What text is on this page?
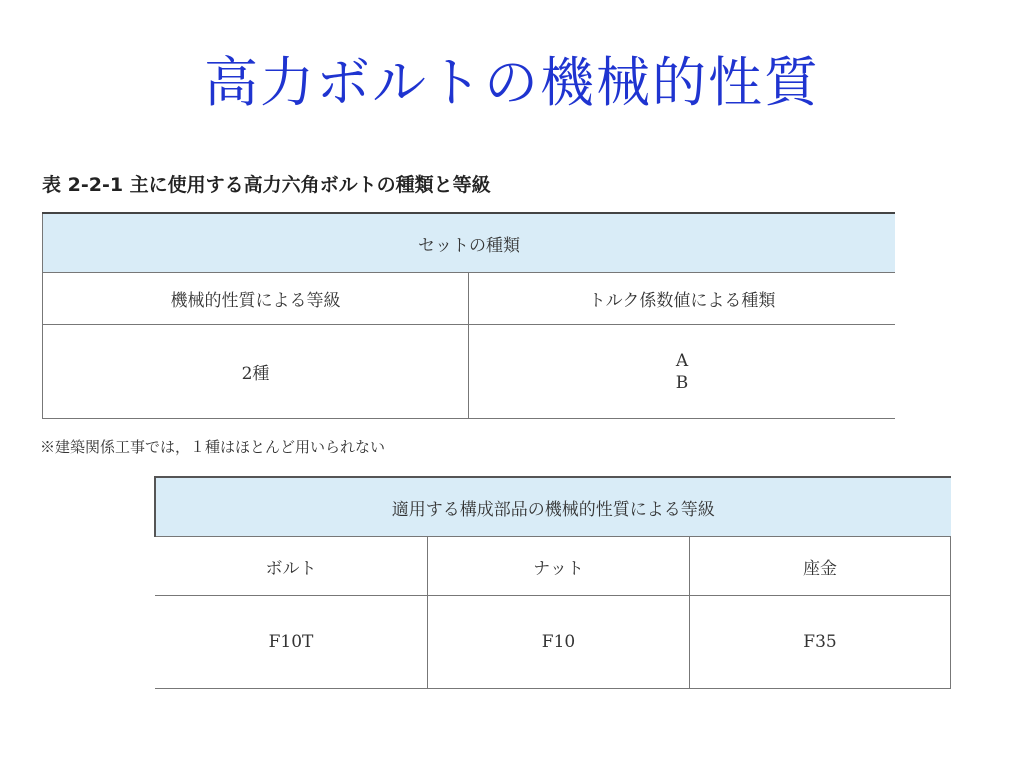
高力ボルトの機械的性質
表 2-2-1 主に使用する高力六角ボルトの種類と等級
セットの種類	
機械的性質による等級	トルク係数値による種類
2種	A
B
※建築関係工事では，１種はほとんど用いられない
適用する構成部品の機械的性質による等級		
ボルト	ナット	座金
F10T	F10	F35
